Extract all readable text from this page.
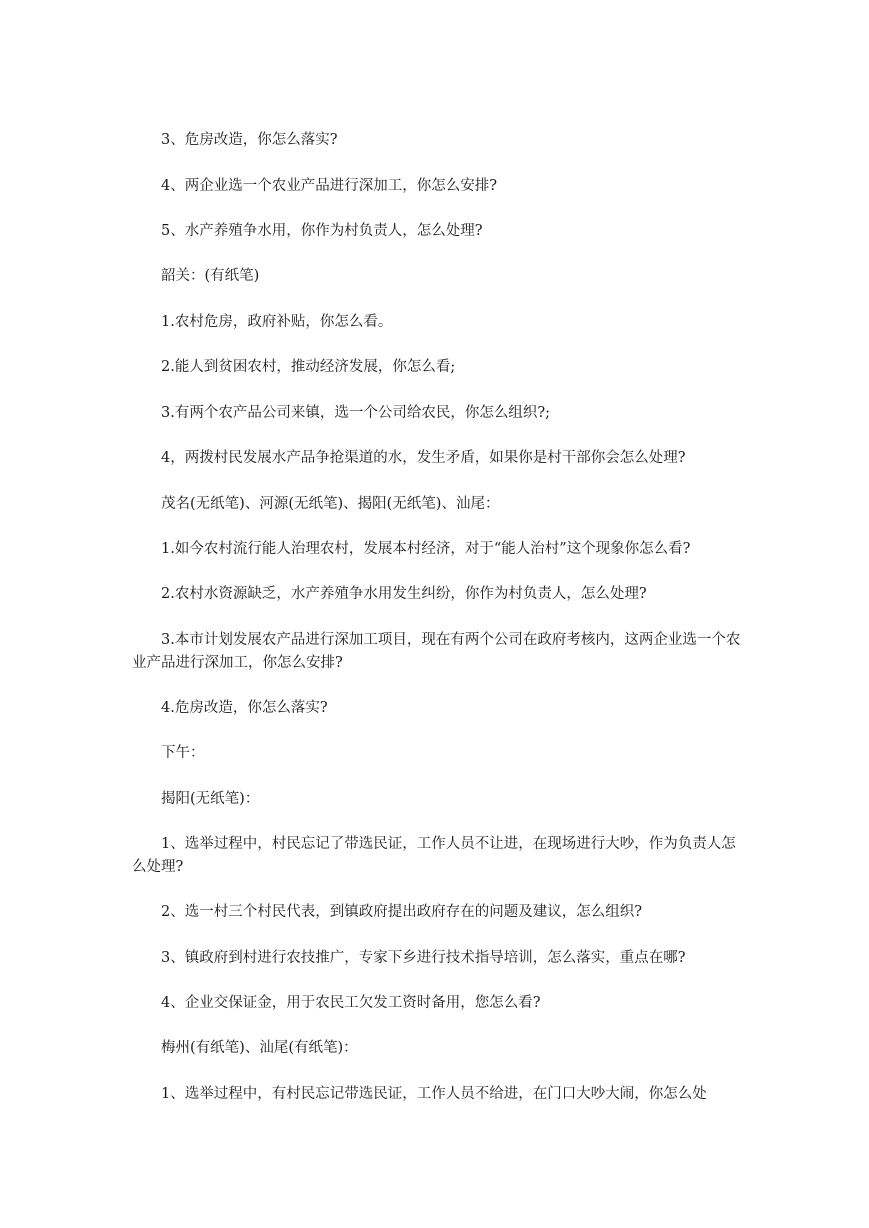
3、危房改造，你怎么落实?

4、两企业选一个农业产品进行深加工，你怎么安排?

5、水产养殖争水用，你作为村负责人，怎么处理?

韶关：(有纸笔)

1.农村危房，政府补贴，你怎么看。

2.能人到贫困农村，推动经济发展，你怎么看;

3.有两个农产品公司来镇，选一个公司给农民，你怎么组织?;

4，两拨村民发展水产品争抢渠道的水，发生矛盾，如果你是村干部你会怎么处理?

茂名(无纸笔)、河源(无纸笔)、揭阳(无纸笔)、汕尾：

1.如今农村流行能人治理农村，发展本村经济，对于“能人治村”这个现象你怎么看?

2.农村水资源缺乏，水产养殖争水用发生纠纷，你作为村负责人，怎么处理?

3.本市计划发展农产品进行深加工项目，现在有两个公司在政府考核内，这两企业选一个农业产品进行深加工，你怎么安排?

4.危房改造，你怎么落实?

下午：

揭阳(无纸笔)：

1、选举过程中，村民忘记了带选民证，工作人员不让进，在现场进行大吵，作为负责人怎么处理?

2、选一村三个村民代表，到镇政府提出政府存在的问题及建议，怎么组织?

3、镇政府到村进行农技推广，专家下乡进行技术指导培训，怎么落实，重点在哪?

4、企业交保证金，用于农民工欠发工资时备用，您怎么看?

梅州(有纸笔)、汕尾(有纸笔)：

1、选举过程中，有村民忘记带选民证，工作人员不给进，在门口大吵大闹，你怎么处
